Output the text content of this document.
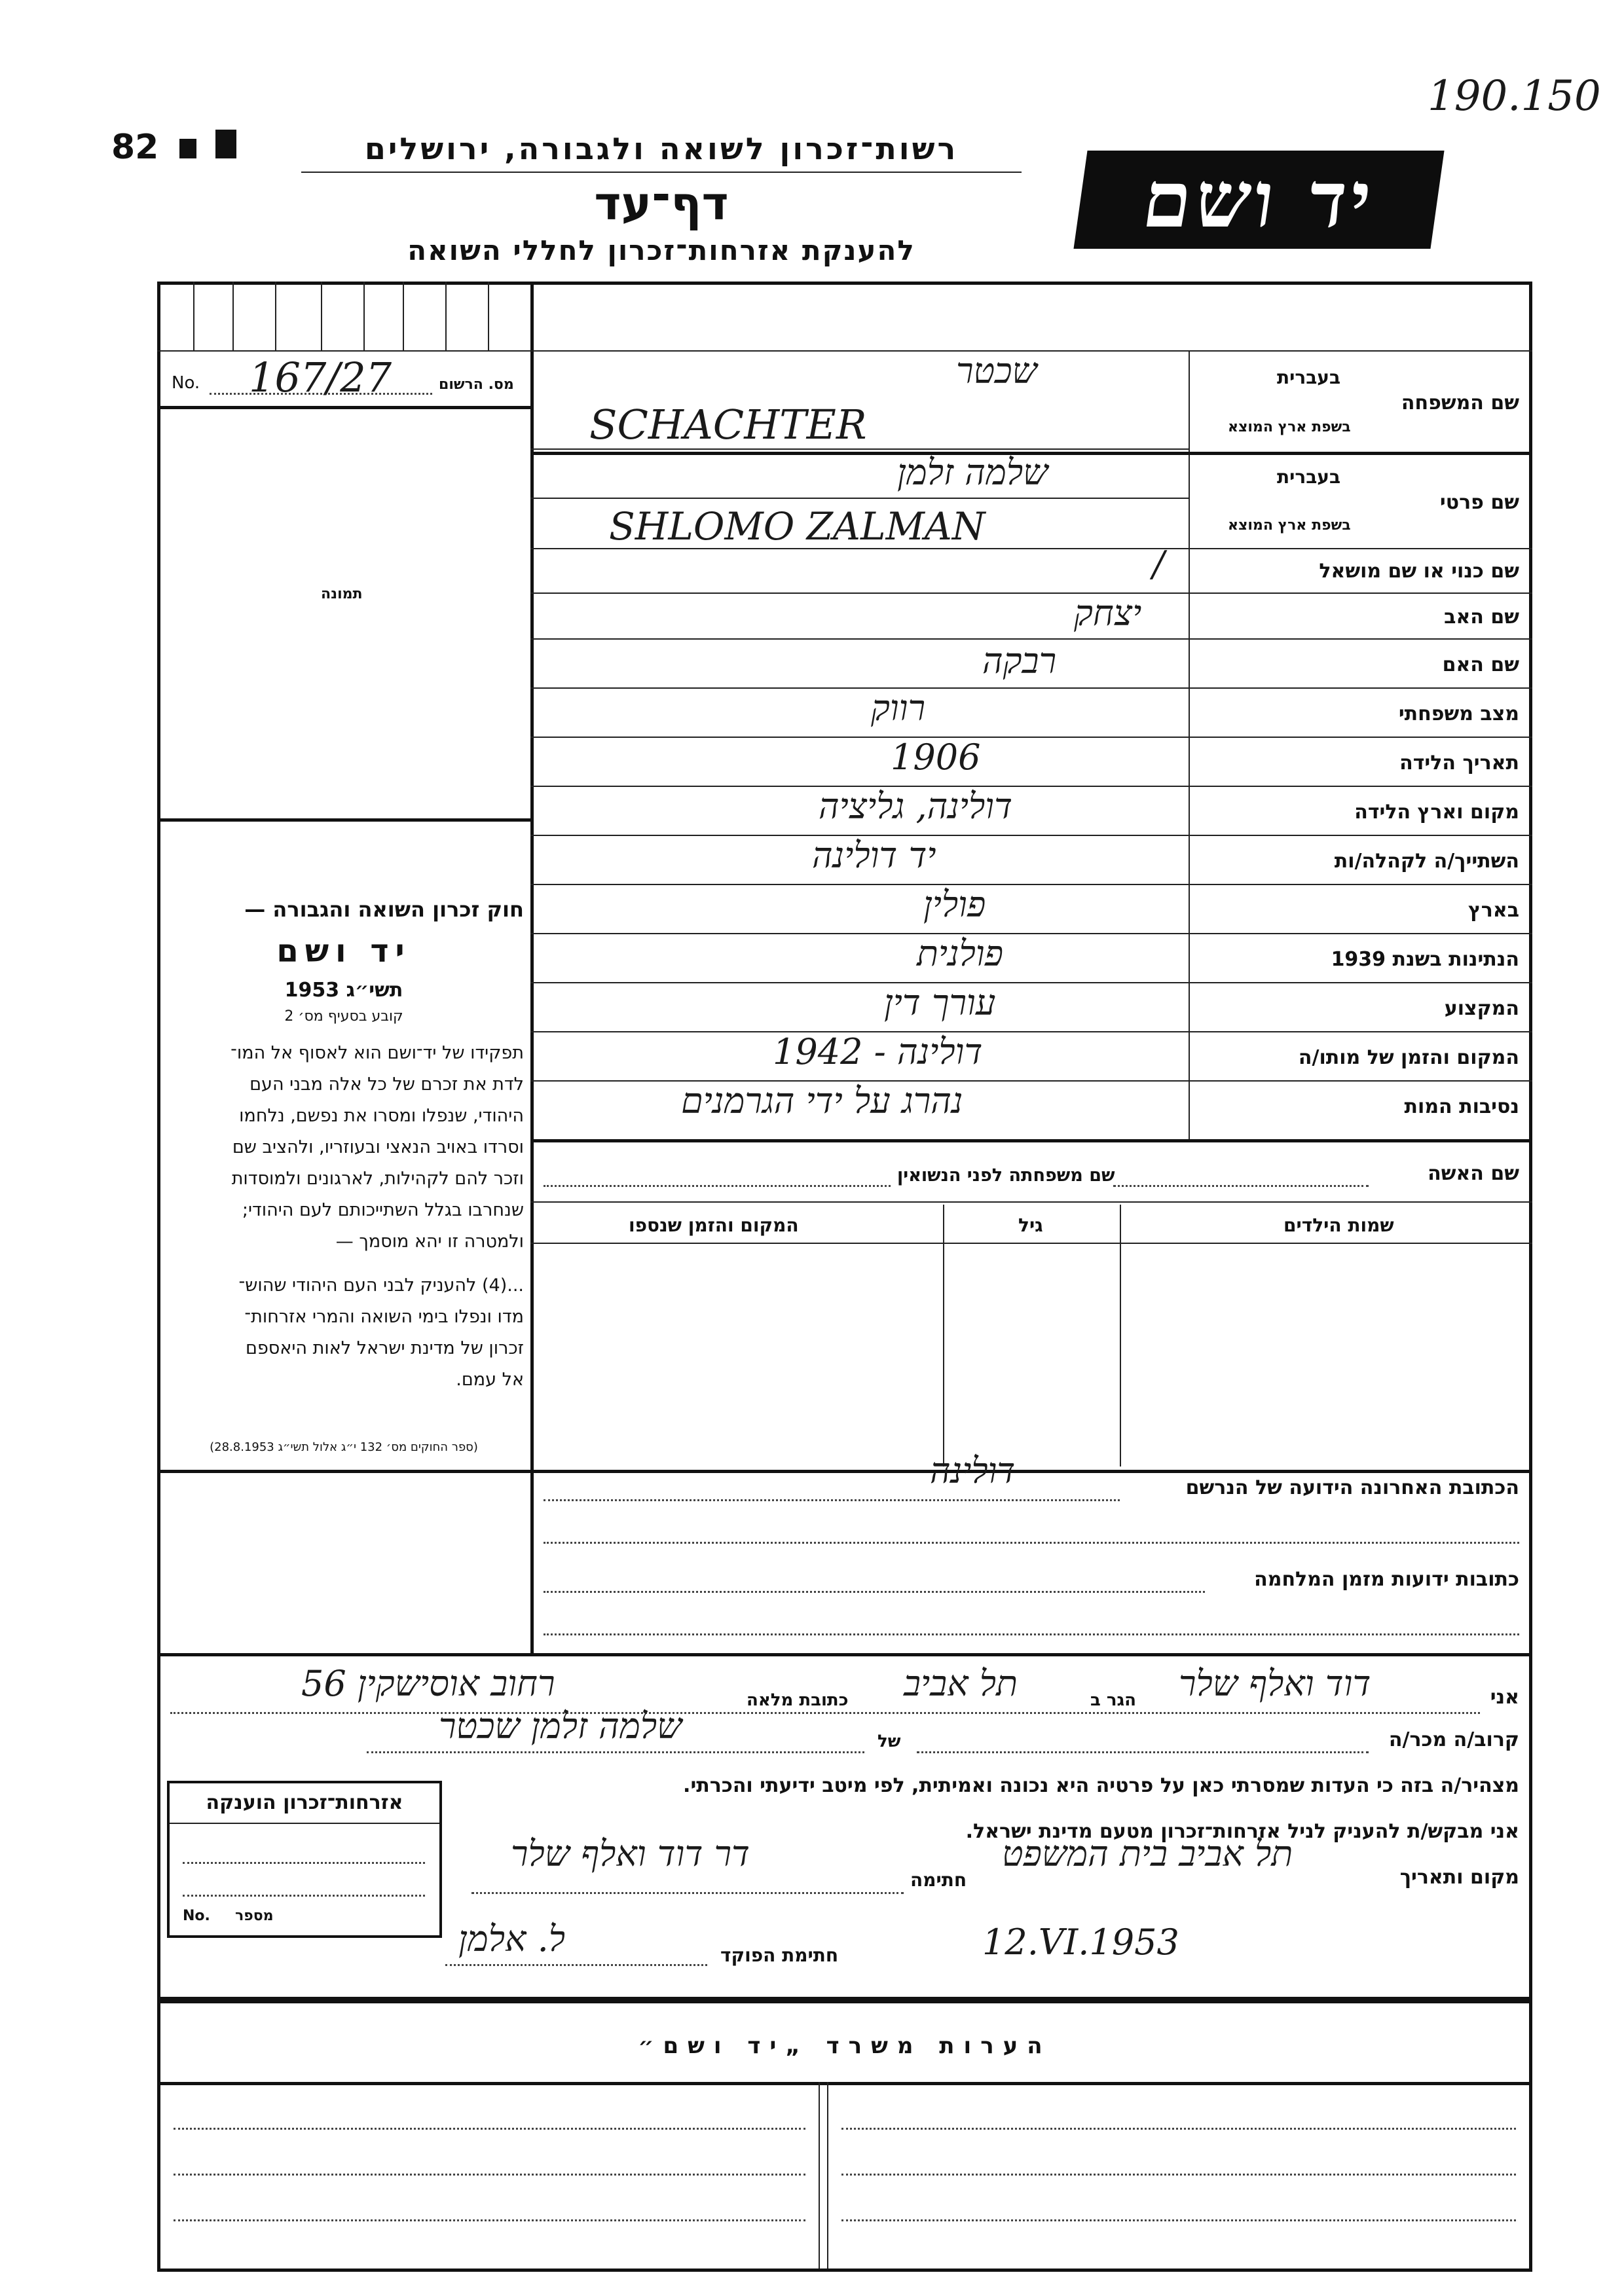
190.150
82	רשות־זכרון לשואה ולגבורה, ירושלים
דף־עד
להענקת אזרחות־זכרון לחללי השואה
יד ושם
No. 167/27	מס. הרשום
תמונה
בעברית
בשפת ארץ המוצא
שם המשפחה
שכטר
SCHACHTER
בעברית
בשפת ארץ המוצא
שם פרטי
שלמה זלמן
SHLOMO ZALMAN
שם כנוי או שם מושאל
/
שם האב
יצחק
שם האם
רבקה
מצב משפחתי
רווק
תאריך הלידה
1906
מקום וארץ הלידה
דולינה, גליציה
השתייך/ה לקהלה/ות
יד דולינה
בארץ
פולין
הנתינות בשנת 1939
פולנית
המקצוע
עורך דין
המקום והזמן של מותו/ה
דולינה - 1942
נסיבות המות
נהרג על ידי הגרמנים
שם האשה
שם משפחתה לפני הנשואין
שמות הילדים
גיל
המקום והזמן שנספו
חוק זכרון השואה והגבורה —
יד ושם
תשי״ג 1953
קובע בסעיף מס׳ 2
תפקידו של יד־ושם הוא לאסוף אל המו־
לדת את זכרם של כל אלה מבני העם
היהודי, שנפלו ומסרו את נפשם, נלחמו
וסרדו באויב הנאצי ובעוזריו, ולהציב שם
וזכר להם לקהילות, לארגונים ולמוסדות
שנחרבו בגלל השתייכותם לעם היהודי;
ולמטרה זו יהא מוסמך —
...(4) להעניק לבני העם היהודי שהוש־
מדו ונפלו בימי השואה והמרי אזרחות־
זכרון של מדינת ישראל לאות היאספם
אל עמם.
(ספר החוקים מס׳ 132 י״ג אלול תשי״ג 28.8.1953)
הכתובת האחרונה הידועה של הנרשם
דולינה
כתובות ידועות מזמן המלחמה
אני
דוד ואלף שלר
הגר ב
תל אביב
כתובת מלאה
רחוב אוסישקין 56
קרוב/ה מכר/ה
של
שלמה זלמן שכטר
מצהיר/ה בזה כי העדות שמסרתי כאן על פרטיה היא נכונה ואמיתית, לפי מיטב ידיעתי והכרתי.
אני מבקש/ת להעניק לניל אזרחות־זכרון מטעם מדינת ישראל.
מקום ותאריך
תל אביב בית המשפט
חתימה
דר דוד ואלף שלר
12.VI.1953
חתימת הפוקד
ל. אלמן
אזרחות־זכרון הוענקה
No. מספר
הערות משרד „יד ושם״
